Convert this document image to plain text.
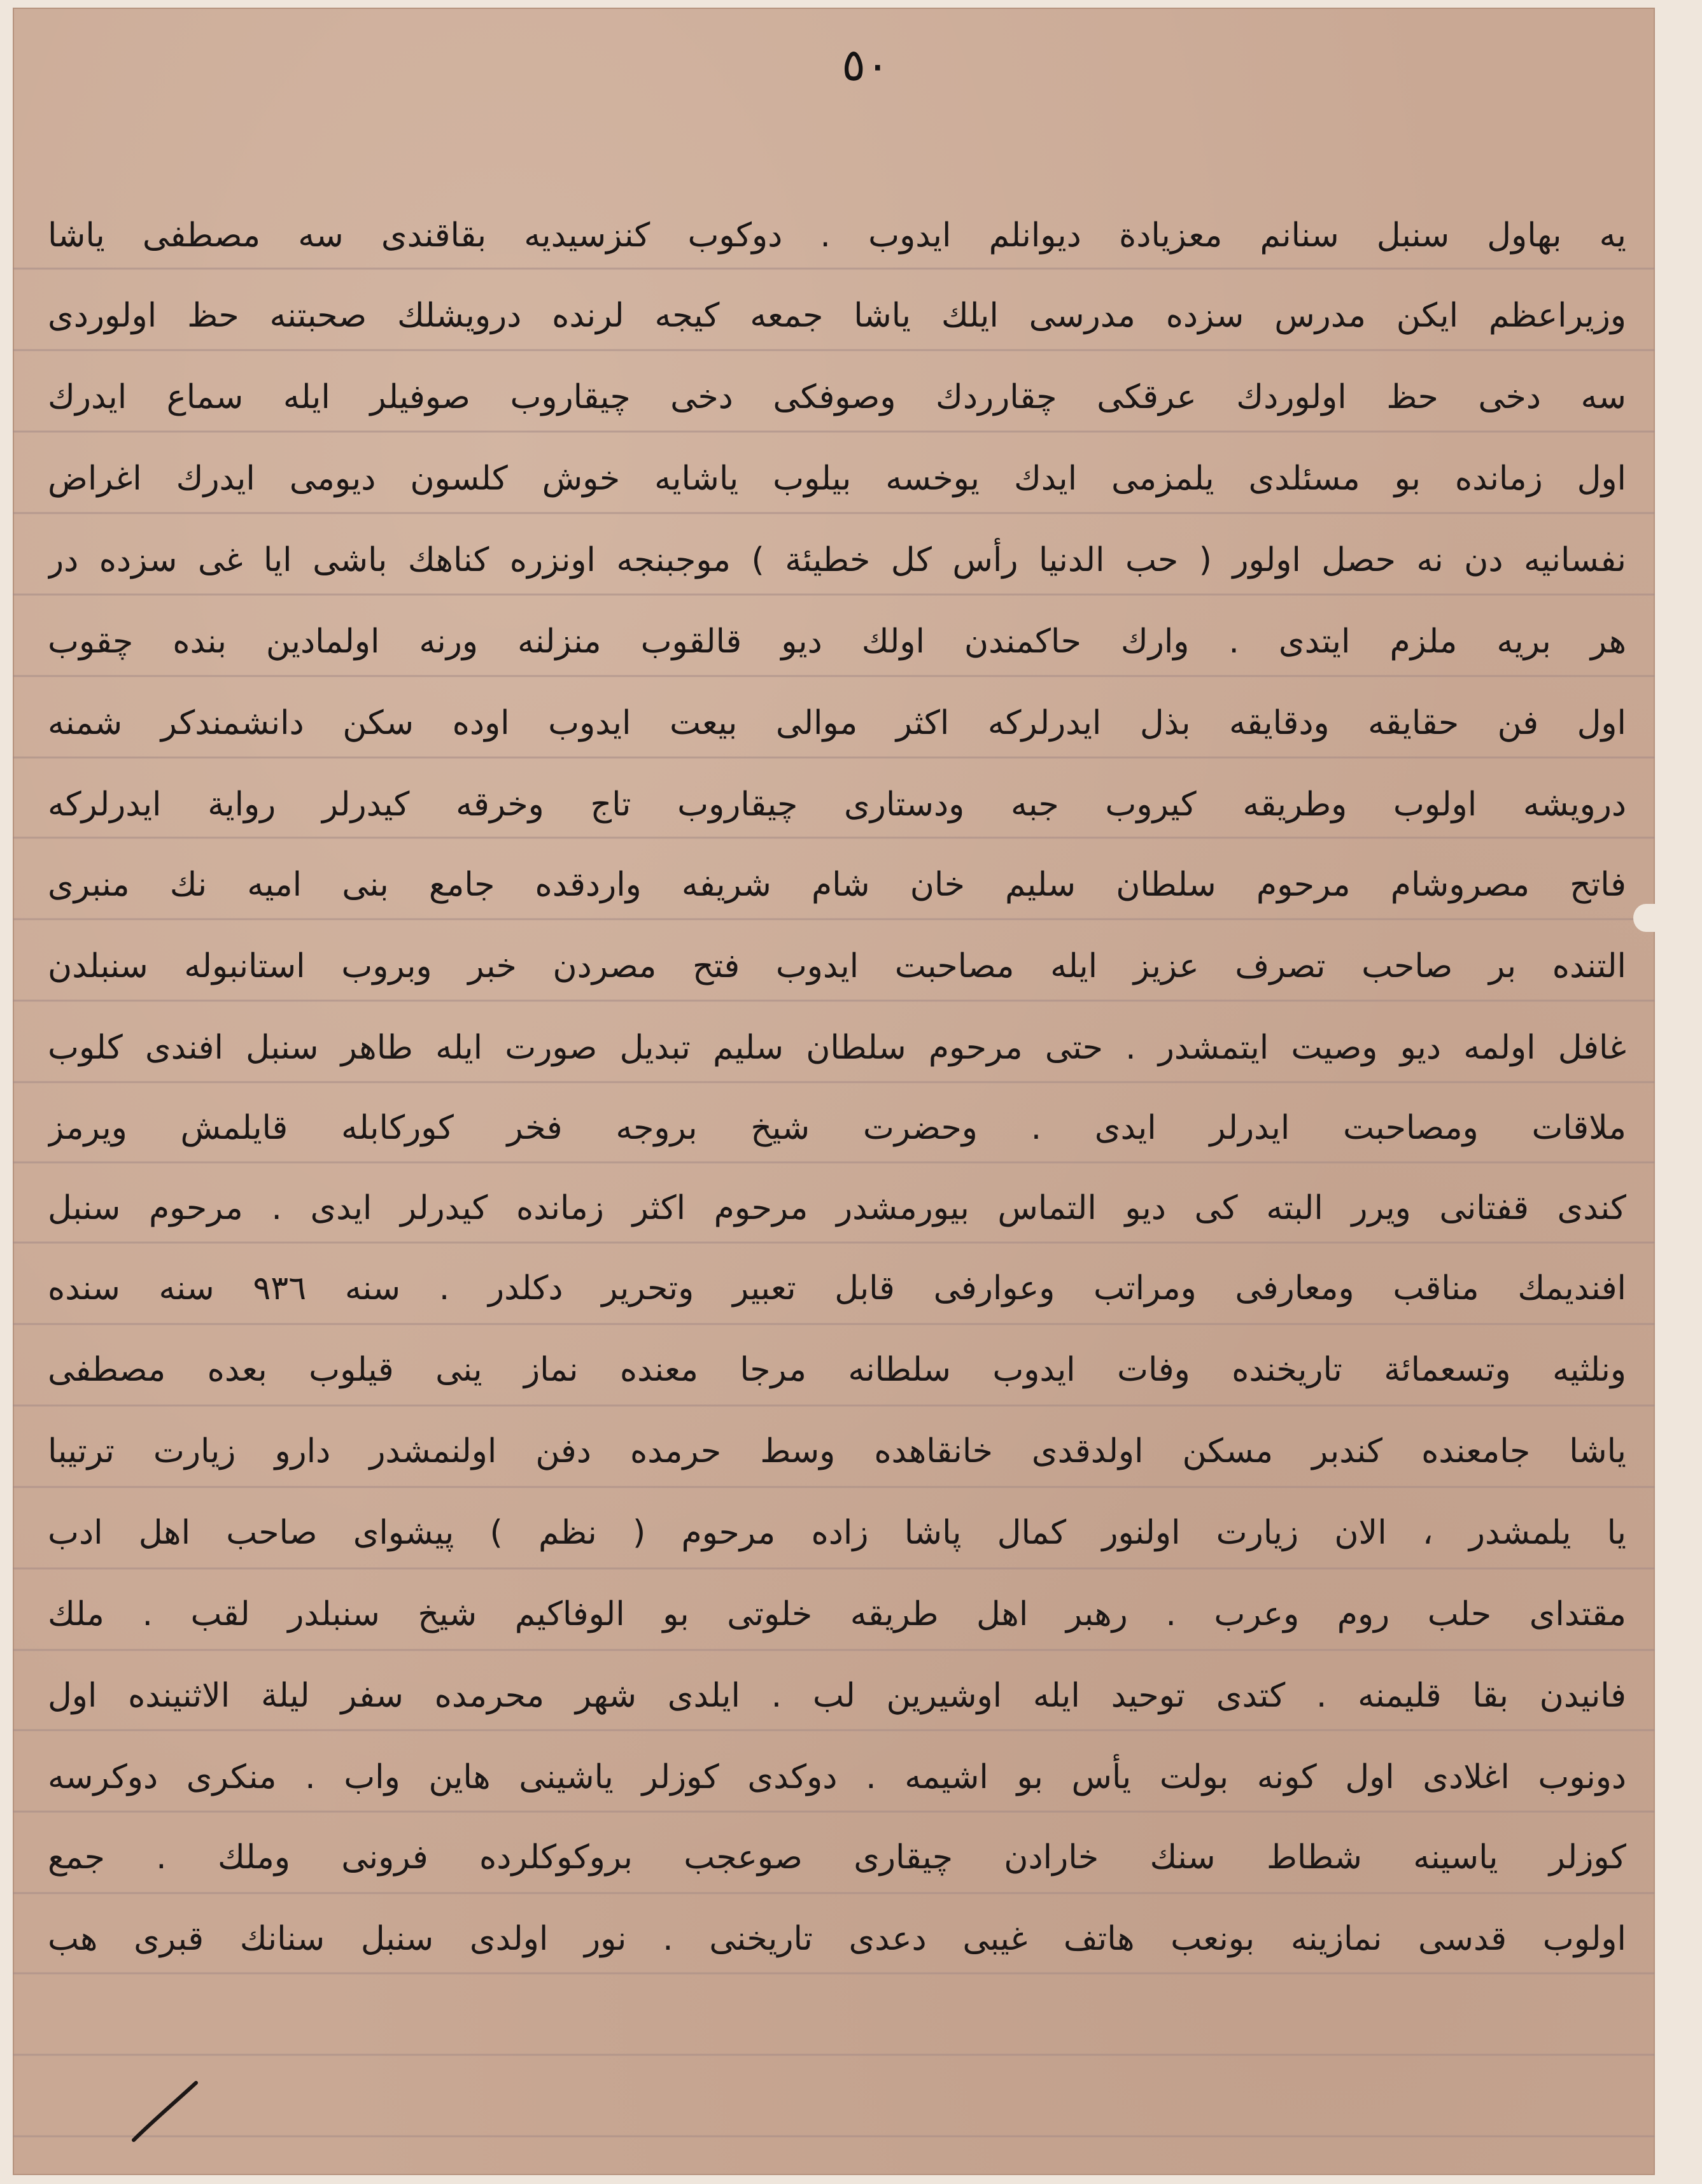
٥٠

يه بهاول سنبل سنانم معزيادة ديوانلم ايدوب . دوكوب كنزسيديه بقاقندى سه مصطفى ياشا

وزيراعظم ايكن مدرس سزده مدرسى ايلك ياشا جمعه كيجه لرنده درويشلك صحبتنه حظ اولوردى

سه دخى حظ اولوردك عرقكى چقارردك وصوفكى دخى چيقاروب صوفيلر ايله سماع ايدرك

اول زمانده بو مسئلدى يلمزمى ايدك يوخسه بيلوب ياشايه خوش كلسون ديومى ايدرك اغراض

نفسانيه دن نه حصل اولور ( حب الدنيا رأس كل خطيئة ) موجبنجه اونزره كناهك باشى ايا غى سزده در

هر بريه ملزم ايتدى . وارك حاكمندن اولك ديو قالقوب منزلنه ورنه اولمادين بنده چقوب

اول فن حقايقه ودقايقه بذل ايدرلركه اكثر موالى بيعت ايدوب اوده سكن دانشمندكر شمنه

درويشه اولوب وطريقه كيروب جبه ودستارى چيقاروب تاج وخرقه كيدرلر رواية ايدرلركه

فاتح مصروشام مرحوم سلطان سليم خان شام شريفه واردقده جامع بنى اميه نك منبرى

التنده بر صاحب تصرف عزيز ايله مصاحبت ايدوب فتح مصردن خبر وبروب استانبوله سنبلدن

غافل اولمه ديو وصيت ايتمشدر . حتى مرحوم سلطان سليم تبديل صورت ايله طاهر سنبل افندى كلوب

ملاقات ومصاحبت ايدرلر ايدى . وحضرت شيخ بروجه فخر كوركابله قايلمش ويرمز

كندى قفتانى ويرر البته كى ديو التماس بيورمشدر مرحوم اكثر زمانده كيدرلر ايدى . مرحوم سنبل

افنديمك مناقب ومعارفى ومراتب وعوارفى قابل تعبير وتحرير دكلدر . سنه ٩٣٦ سنه سنده

ونلثيه وتسعمائة تاريخنده وفات ايدوب سلطانه مرجا معنده نماز ينى قيلوب بعده مصطفى

ياشا جامعنده كندبر مسكن اولدقدى خانقاهده وسط حرمده دفن اولنمشدر دارو زيارت ترتيبا

يا يلمشدر ، الان زيارت اولنور كمال پاشا زاده مرحوم ( نظم ) پيشواى صاحب اهل ادب

مقتداى حلب روم وعرب . رهبر اهل طريقه خلوتى بو الوفاكيم شيخ سنبلدر لقب . ملك

فانيدن بقا قليمنه . كتدى توحيد ايله اوشيرين لب . ايلدى شهر محرمده سفر ليلة الاثنينده اول

دونوب اغلادى اول كونه بولت يأس بو اشيمه . دوكدى كوزلر ياشينى هاين واب . منكرى دوكرسه

كوزلر ياسينه شطاط سنك خارادن چيقارى صوعجب بروكوكلرده فرونى وملك . جمع

اولوب قدسى نمازينه بونعب هاتف غيبى دعدى تاريخنى . نور اولدى سنبل سنانك قبرى هب
